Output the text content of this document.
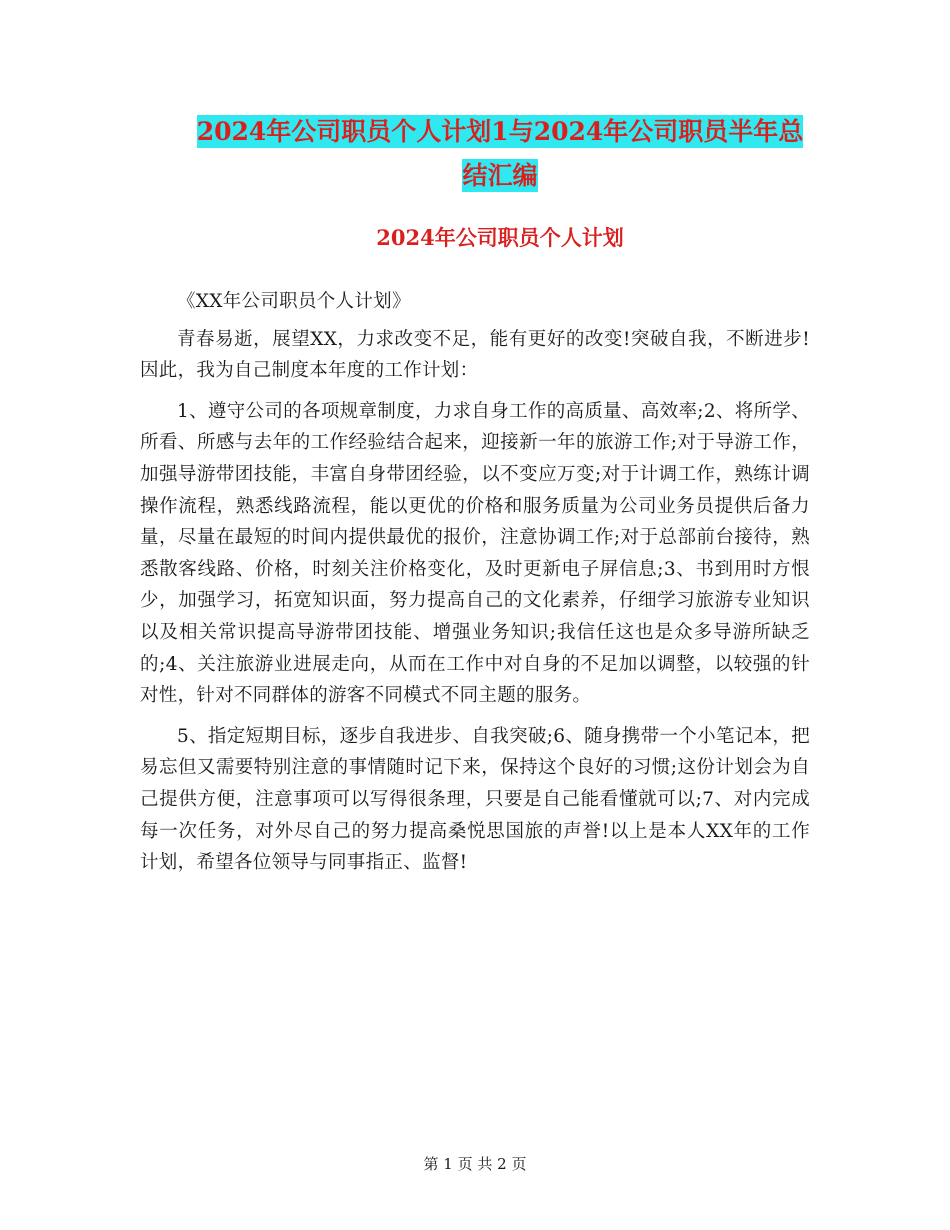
2024年公司职员个人计划1与2024年公司职员半年总
结汇编
2024年公司职员个人计划

《XX年公司职员个人计划》

青春易逝，展望XX，力求改变不足，能有更好的改变!突破自我，不断进步!因此，我为自己制度本年度的工作计划：

1、遵守公司的各项规章制度，力求自身工作的高质量、高效率;2、将所学、所看、所感与去年的工作经验结合起来，迎接新一年的旅游工作;对于导游工作，加强导游带团技能，丰富自身带团经验，以不变应万变;对于计调工作，熟练计调操作流程，熟悉线路流程，能以更优的价格和服务质量为公司业务员提供后备力量，尽量在最短的时间内提供最优的报价，注意协调工作;对于总部前台接待，熟悉散客线路、价格，时刻关注价格变化，及时更新电子屏信息;3、书到用时方恨少，加强学习，拓宽知识面，努力提高自己的文化素养，仔细学习旅游专业知识以及相关常识提高导游带团技能、增强业务知识;我信任这也是众多导游所缺乏的;4、关注旅游业进展走向，从而在工作中对自身的不足加以调整，以较强的针对性，针对不同群体的游客不同模式不同主题的服务。

5、指定短期目标，逐步自我进步、自我突破;6、随身携带一个小笔记本，把易忘但又需要特别注意的事情随时记下来，保持这个良好的习惯;这份计划会为自己提供方便，注意事项可以写得很条理，只要是自己能看懂就可以;7、对内完成每一次任务，对外尽自己的努力提高桑悦思国旅的声誉!以上是本人XX年的工作计划，希望各位领导与同事指正、监督!

第 1 页 共 2 页
